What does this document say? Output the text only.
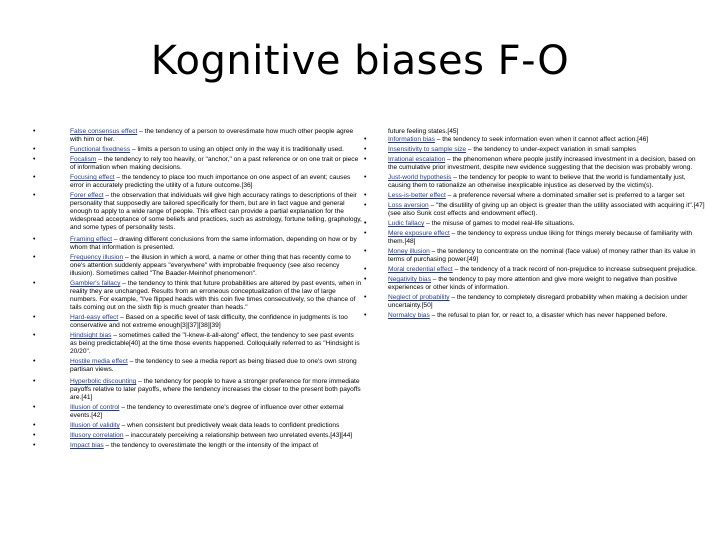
Kognitive biases F-O
•	False consensus effect – the tendency of a person to overestimate how much other people agree with him or her.
•	Functional fixedness – limits a person to using an object only in the way it is traditionally used.
•	Focalism – the tendency to rely too heavily, or "anchor," on a past reference or on one trait or piece of information when making decisions.
•	Focusing effect – the tendency to place too much importance on one aspect of an event; causes error in accurately predicting the utility of a future outcome.[36]
•	Forer effect – the observation that individuals will give high accuracy ratings to descriptions of their personality that supposedly are tailored specifically for them, but are in fact vague and general enough to apply to a wide range of people. This effect can provide a partial explanation for the widespread acceptance of some beliefs and practices, such as astrology, fortune telling, graphology, and some types of personality tests.
•	Framing effect – drawing different conclusions from the same information, depending on how or by whom that information is presented.
•	Frequency illusion – the illusion in which a word, a name or other thing that has recently come to one's attention suddenly appears "everywhere" with improbable frequency (see also recency illusion). Sometimes called "The Baader-Meinhof phenomenon".
•	Gambler's fallacy – the tendency to think that future probabilities are altered by past events, when in reality they are unchanged. Results from an erroneous conceptualization of the law of large numbers. For example, "I've flipped heads with this coin five times consecutively, so the chance of tails coming out on the sixth flip is much greater than heads."
•	Hard-easy effect – Based on a specific level of task difficulty, the confidence in judgments is too conservative and not extreme enough[3][37][38][39]
•	Hindsight bias – sometimes called the "I-knew-it-all-along" effect, the tendency to see past events as being predictable[40] at the time those events happened. Colloquially referred to as "Hindsight is 20/20".
•	Hostile media effect – the tendency to see a media report as being biased due to one's own strong partisan views.
•	Hyperbolic discounting – the tendency for people to have a stronger preference for more immediate payoffs relative to later payoffs, where the tendency increases the closer to the present both payoffs are.[41]
•	Illusion of control – the tendency to overestimate one's degree of influence over other external events.[42]
•	Illusion of validity – when consistent but predictively weak data leads to confident predictions
•	Illusory correlation – inaccurately perceiving a relationship between two unrelated events.[43][44]
•	Impact bias – the tendency to overestimate the length or the intensity of the impact of
future feeling states.[45]
•	Information bias – the tendency to seek information even when it cannot affect action.[46]
•	Insensitivity to sample size – the tendency to under-expect variation in small samples
•	Irrational escalation – the phenomenon where people justify increased investment in a decision, based on the cumulative prior investment, despite new evidence suggesting that the decision was probably wrong.
•	Just-world hypothesis – the tendency for people to want to believe that the world is fundamentally just, causing them to rationalize an otherwise inexplicable injustice as deserved by the victim(s).
•	Less-is-better effect – a preference reversal where a dominated smaller set is preferred to a larger set
•	Loss aversion – "the disutility of giving up an object is greater than the utility associated with acquiring it".[47] (see also Sunk cost effects and endowment effect).
•	Ludic fallacy – the misuse of games to model real-life situations.
•	Mere exposure effect – the tendency to express undue liking for things merely because of familiarity with them.[48]
•	Money illusion – the tendency to concentrate on the nominal (face value) of money rather than its value in terms of purchasing power.[49]
•	Moral credential effect – the tendency of a track record of non-prejudice to increase subsequent prejudice.
•	Negativity bias – the tendency to pay more attention and give more weight to negative than positive experiences or other kinds of information.
•	Neglect of probability – the tendency to completely disregard probability when making a decision under uncertainty.[50]
•	Normalcy bias – the refusal to plan for, or react to, a disaster which has never happened before.
